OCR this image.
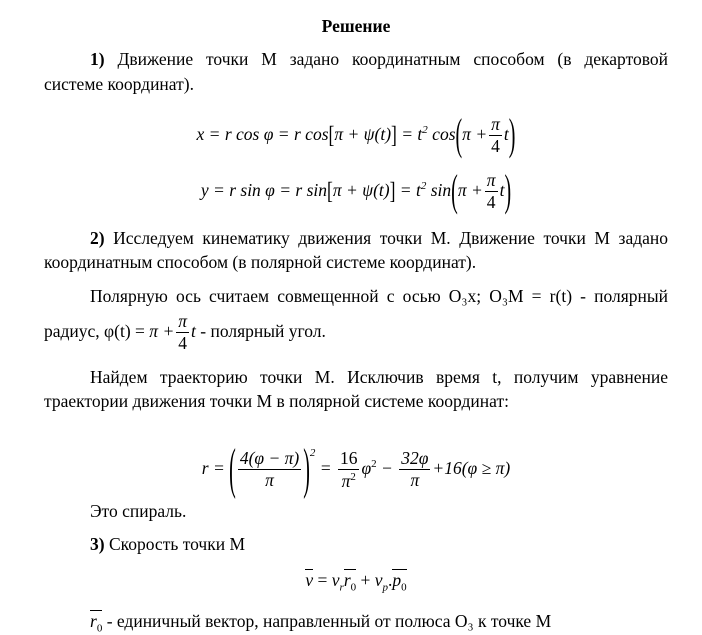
Решение
1) Движение точки М задано координатным способом (в декартовой
системе координат).
x = r cos φ = r $\cos[\pi + \psi(t)] = t^2$ $\cos(\pi + \frac{\pi}{4} t)$
y = r sin φ = r $\sin[\pi + \psi(t)] = t^2$ $\sin(\pi + \frac{\pi}{4} t)$
2) Исследуем кинематику движения точки М. Движение точки М задано
координатным способом (в полярной системе координат).
Полярную ось считаем совмещенной с осью O₃x; O₃M = r(t) - полярный
радиус, $\varphi(t) = \pi + \frac{\pi}{4}$ t - полярный угол.
Найдем траекторию точки М. Исключив время t, получим уравнение
траектории движения точки М в полярной системе координат:
r = ( $\frac{4(\varphi - \pi)}{\pi} )^2 = \frac{16}{\pi^2} \varphi^2 - \frac{32\varphi}{\pi} +16(\varphi \ge \pi)$
Это спираль.
3) Скорость точки М
$v = v_rr_0 + v_p.p_0$
$r_0$ - единичный вектор, направленный от полюса O₃ к точке М
